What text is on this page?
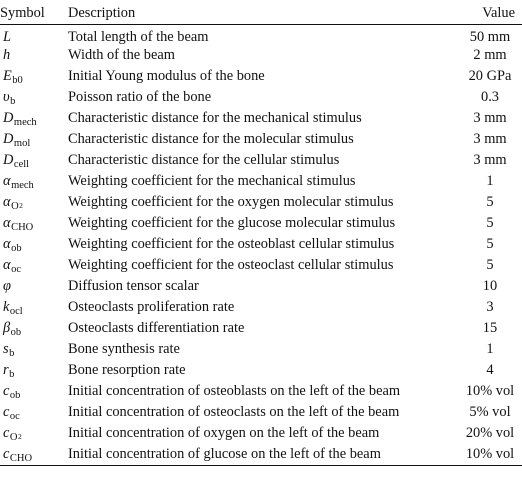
Symbol	Description	Value
L	Total length of the beam	50 mm
h	Width of the beam	2 mm
$E_{b0}$	Initial Young modulus of the bone	20 GPa
$\upsilon_b$	Poisson ratio of the bone	0.3
$D_{mech}$	Characteristic distance for the mechanical stimulus	3 mm
$D_{mol}$	Characteristic distance for the molecular stimulus	3 mm
$D_{cell}$	Characteristic distance for the cellular stimulus	3 mm
$\alpha_{mech}$	Weighting coefficient for the mechanical stimulus	1
$\alpha_O2$	Weighting coefficient for the oxygen molecular stimulus	5
$\alpha_{CHO}$	Weighting coefficient for the glucose molecular stimulus	5
$\alpha_{ob}$	Weighting coefficient for the osteoblast cellular stimulus	5
$\alpha_{oc}$	Weighting coefficient for the osteoclast cellular stimulus	5
φ	Diffusion tensor scalar	10
$k_{ocl}$	Osteoclasts proliferation rate	3
$\beta_{ob}$	Osteoclasts differentiation rate	15
$s_b$	Bone synthesis rate	1
$r_b$	Bone resorption rate	4
$c_{ob}$	Initial concentration of osteoblasts on the left of the beam	10% vol
$c_{oc}$	Initial concentration of osteoclasts on the left of the beam	5% vol
$c_O2$	Initial concentration of oxygen on the left of the beam	20% vol
$c_{CHO}$	Initial concentration of glucose on the left of the beam	10% vol
